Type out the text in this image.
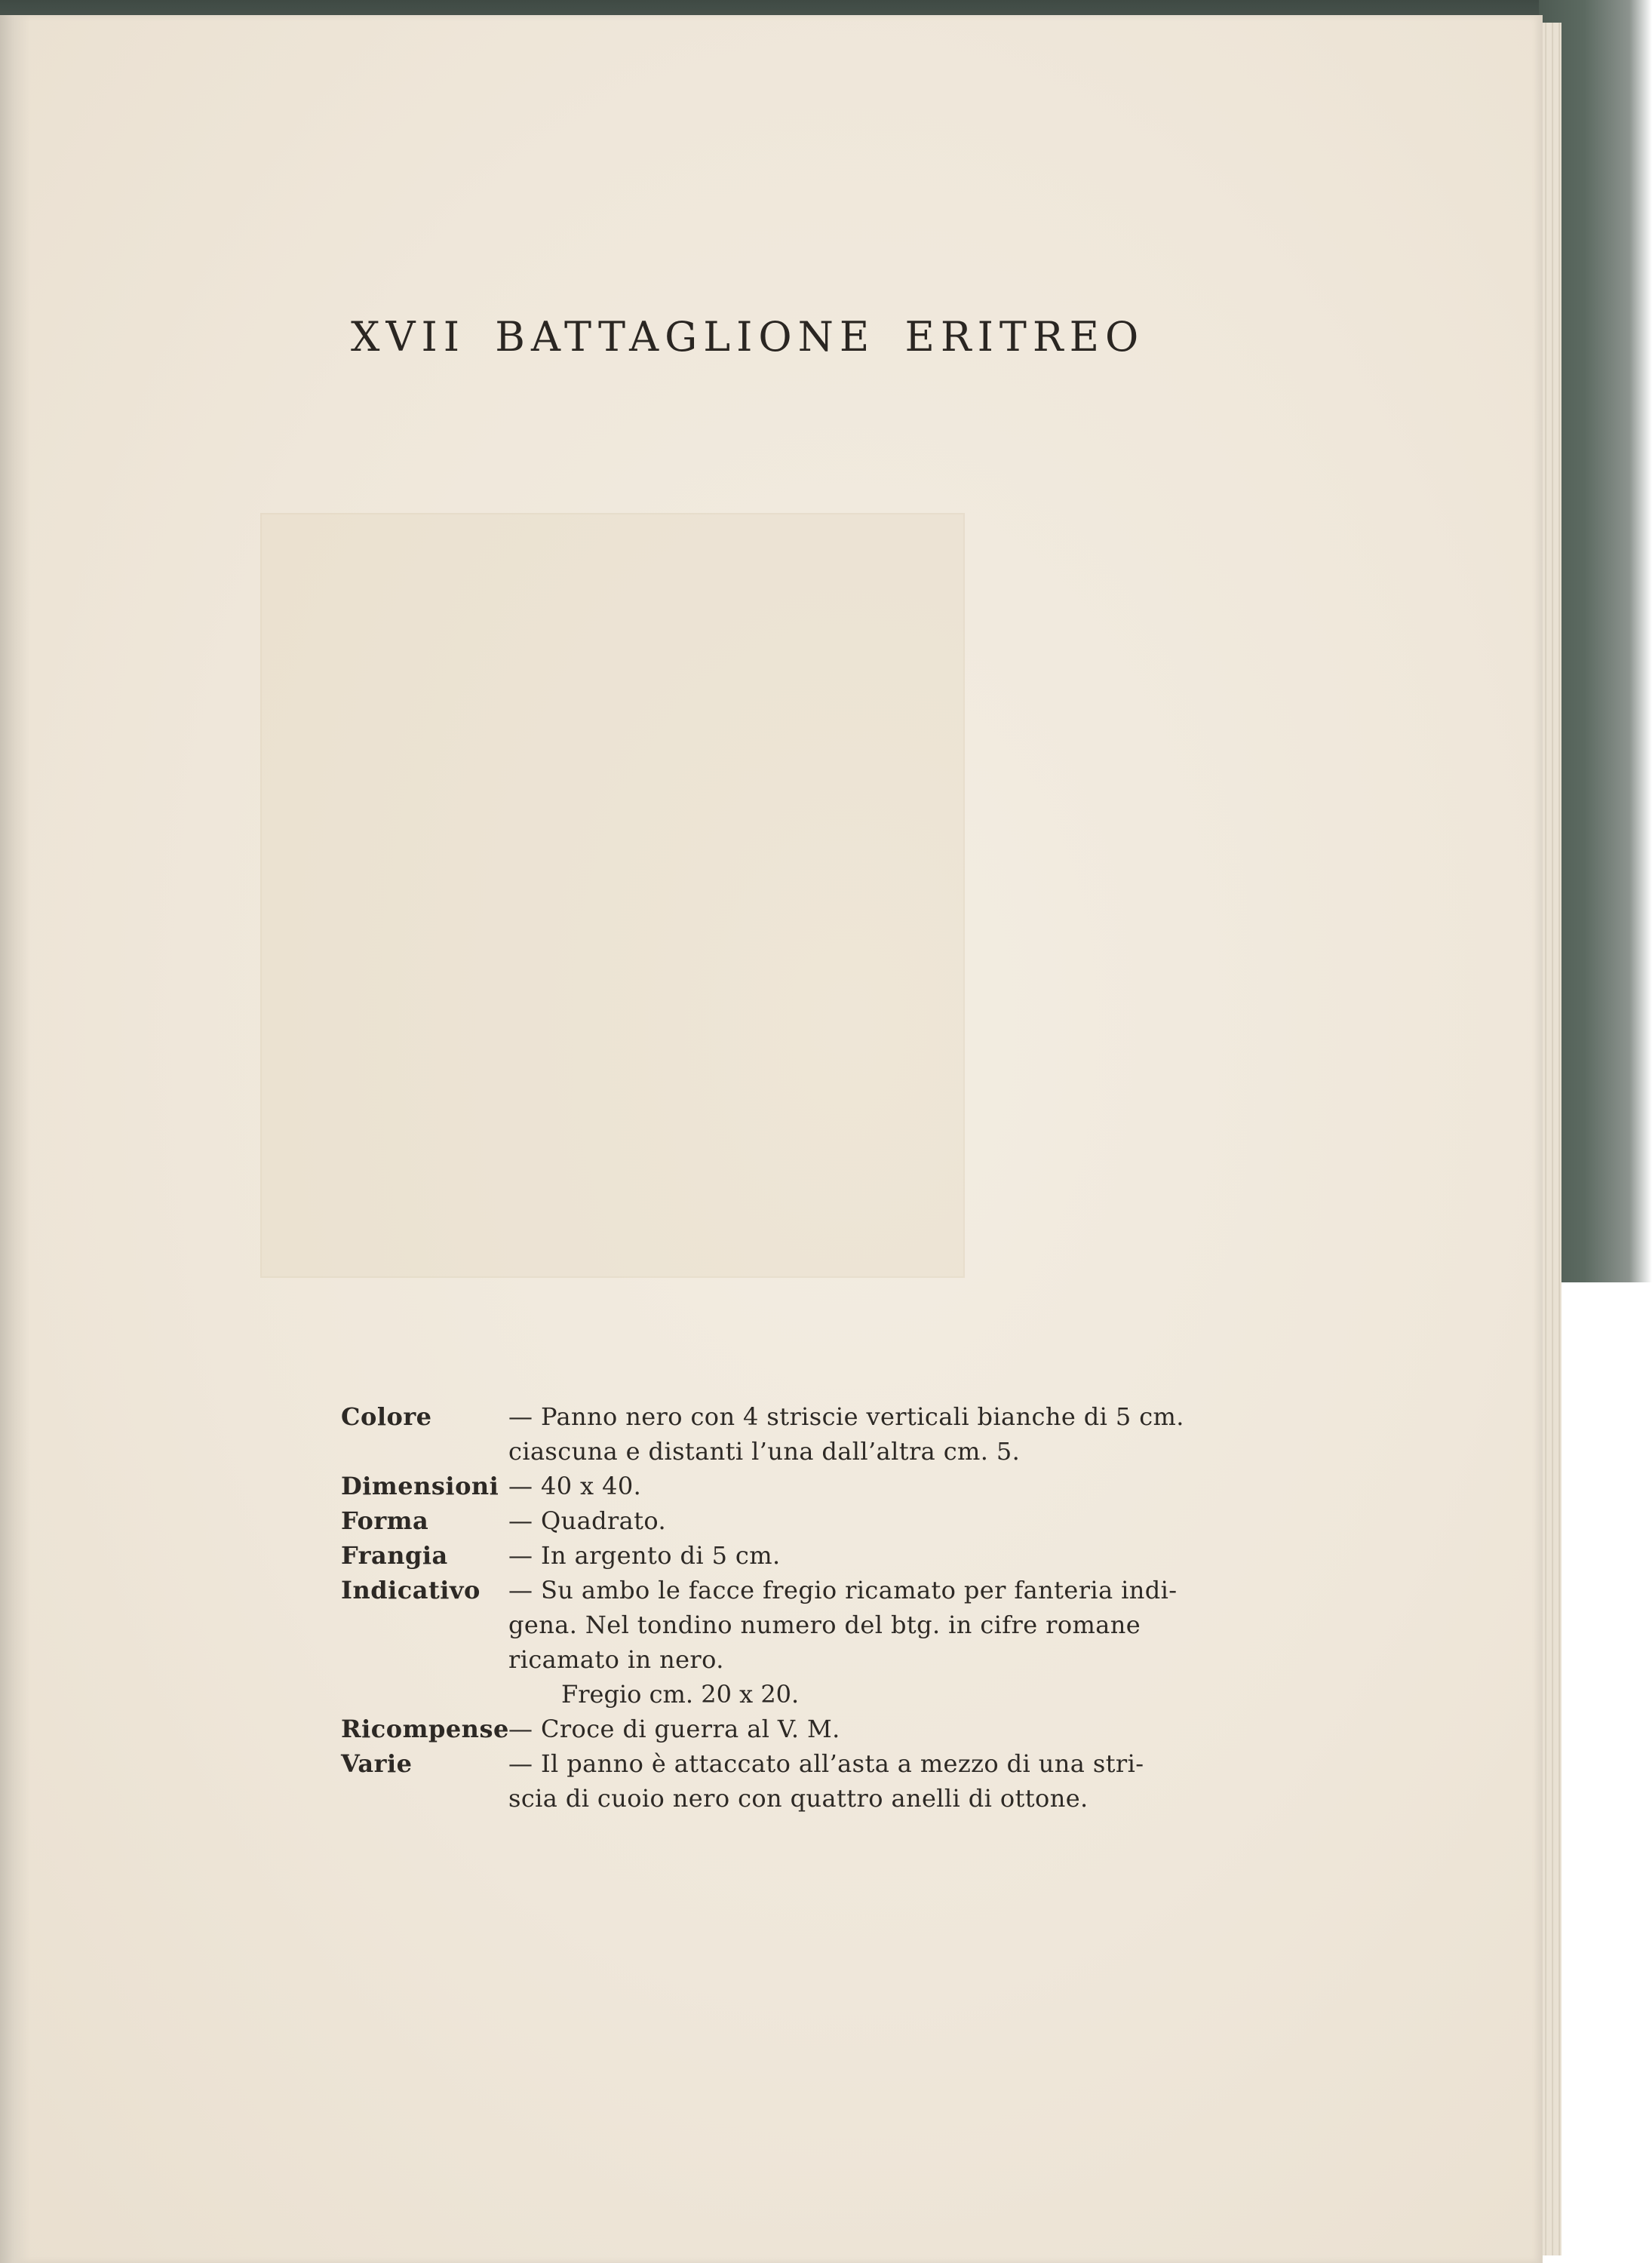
XVII BATTAGLIONE ERITREO
Colore	— Panno nero con 4 striscie verticali bianche di 5 cm.
ciascuna e distanti l’una dall’altra cm. 5.
Dimensioni — 40 x 40.
Forma	— Quadrato.
Frangia	— In argento di 5 cm.
Indicativo	— Su ambo le facce fregio ricamato per fanteria indi-
gena. Nel tondino numero del btg. in cifre romane
ricamato in nero.
Fregio cm. 20 x 20.
Ricompense — Croce di guerra al V. M.
Varie	— Il panno è attaccato all’asta a mezzo di una stri-
scia di cuoio nero con quattro anelli di ottone.
